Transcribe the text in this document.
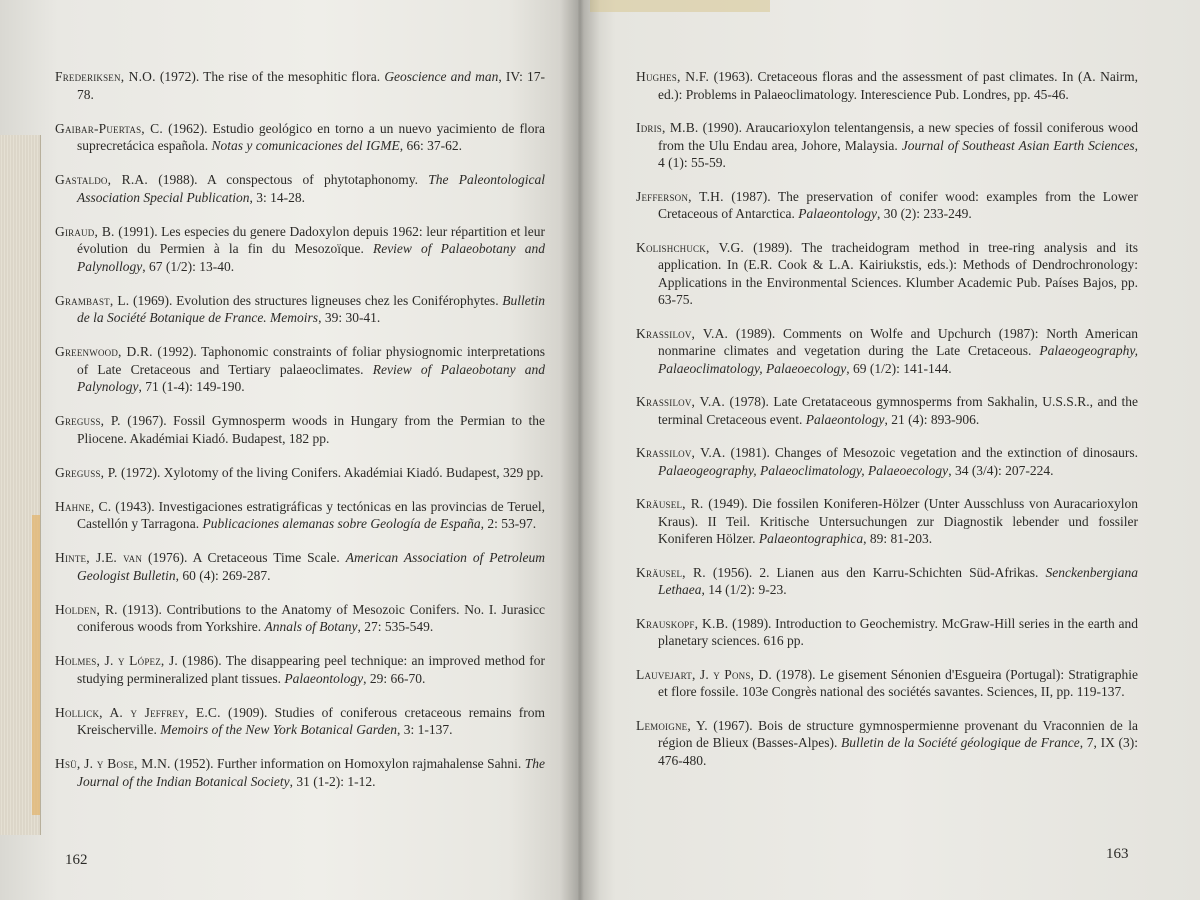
Frederiksen, N.O. (1972). The rise of the mesophitic flora. Geoscience and man, IV: 17-78.
Gaibar-Puertas, C. (1962). Estudio geológico en torno a un nuevo yacimiento de flora suprecretácica española. Notas y comunicaciones del IGME, 66: 37-62.
Gastaldo, R.A. (1988). A conspectous of phytotaphonomy. The Paleontological Association Special Publication, 3: 14-28.
Giraud, B. (1991). Les especies du genere Dadoxylon depuis 1962: leur répartition et leur évolution du Permien à la fin du Mesozoïque. Review of Palaeobotany and Palynollogy, 67 (1/2): 13-40.
Grambast, L. (1969). Evolution des structures ligneuses chez les Coniférophytes. Bulletin de la Société Botanique de France. Memoirs, 39: 30-41.
Greenwood, D.R. (1992). Taphonomic constraints of foliar physiognomic interpretations of Late Cretaceous and Tertiary palaeoclimates. Review of Palaeobotany and Palynology, 71 (1-4): 149-190.
Greguss, P. (1967). Fossil Gymnosperm woods in Hungary from the Permian to the Pliocene. Akadémiai Kiadó. Budapest, 182 pp.
Greguss, P. (1972). Xylotomy of the living Conifers. Akadémiai Kiadó. Budapest, 329 pp.
Hahne, C. (1943). Investigaciones estratigráficas y tectónicas en las provincias de Teruel, Castellón y Tarragona. Publicaciones alemanas sobre Geología de España, 2: 53-97.
Hinte, J.E. van (1976). A Cretaceous Time Scale. American Association of Petroleum Geologist Bulletin, 60 (4): 269-287.
Holden, R. (1913). Contributions to the Anatomy of Mesozoic Conifers. No. I. Jurasicc coniferous woods from Yorkshire. Annals of Botany, 27: 535-549.
Holmes, J. y López, J. (1986). The disappearing peel technique: an improved method for studying permineralized plant tissues. Palaeontology, 29: 66-70.
Hollick, A. y Jeffrey, E.C. (1909). Studies of coniferous cretaceous remains from Kreischerville. Memoirs of the New York Botanical Garden, 3: 1-137.
Hsü, J. y Bose, M.N. (1952). Further information on Homoxylon rajmahalense Sahni. The Journal of the Indian Botanical Society, 31 (1-2): 1-12.
162
Hughes, N.F. (1963). Cretaceous floras and the assessment of past climates. In (A. Nairm, ed.): Problems in Palaeoclimatology. Interescience Pub. Londres, pp. 45-46.
Idris, M.B. (1990). Araucarioxylon telentangensis, a new species of fossil coniferous wood from the Ulu Endau area, Johore, Malaysia. Journal of Southeast Asian Earth Sciences, 4 (1): 55-59.
Jefferson, T.H. (1987). The preservation of conifer wood: examples from the Lower Cretaceous of Antarctica. Palaeontology, 30 (2): 233-249.
Kolishchuck, V.G. (1989). The tracheidogram method in tree-ring analysis and its application. In (E.R. Cook & L.A. Kairiukstis, eds.): Methods of Dendrochronology: Applications in the Environmental Sciences. Klumber Academic Pub. Países Bajos, pp. 63-75.
Krassilov, V.A. (1989). Comments on Wolfe and Upchurch (1987): North American nonmarine climates and vegetation during the Late Cretaceous. Palaeogeography, Palaeoclimatology, Palaeoecology, 69 (1/2): 141-144.
Krassilov, V.A. (1978). Late Cretataceous gymnosperms from Sakhalin, U.S.S.R., and the terminal Cretaceous event. Palaeontology, 21 (4): 893-906.
Krassilov, V.A. (1981). Changes of Mesozoic vegetation and the extinction of dinosaurs. Palaeogeography, Palaeoclimatology, Palaeoecology, 34 (3/4): 207-224.
Kräusel, R. (1949). Die fossilen Koniferen-Hölzer (Unter Ausschluss von Auracarioxylon Kraus). II Teil. Kritische Untersuchungen zur Diagnostik lebender und fossiler Koniferen Hölzer. Palaeontographica, 89: 81-203.
Kräusel, R. (1956). 2. Lianen aus den Karru-Schichten Süd-Afrikas. Senckenbergiana Lethaea, 14 (1/2): 9-23.
Krauskopf, K.B. (1989). Introduction to Geochemistry. McGraw-Hill series in the earth and planetary sciences. 616 pp.
Lauvejart, J. y Pons, D. (1978). Le gisement Sénonien d'Esgueira (Portugal): Stratigraphie et flore fossile. 103e Congrès national des sociétés savantes. Sciences, II, pp. 119-137.
Lemoigne, Y. (1967). Bois de structure gymnospermienne provenant du Vraconnien de la région de Blieux (Basses-Alpes). Bulletin de la Société géologique de France, 7, IX (3): 476-480.
163
